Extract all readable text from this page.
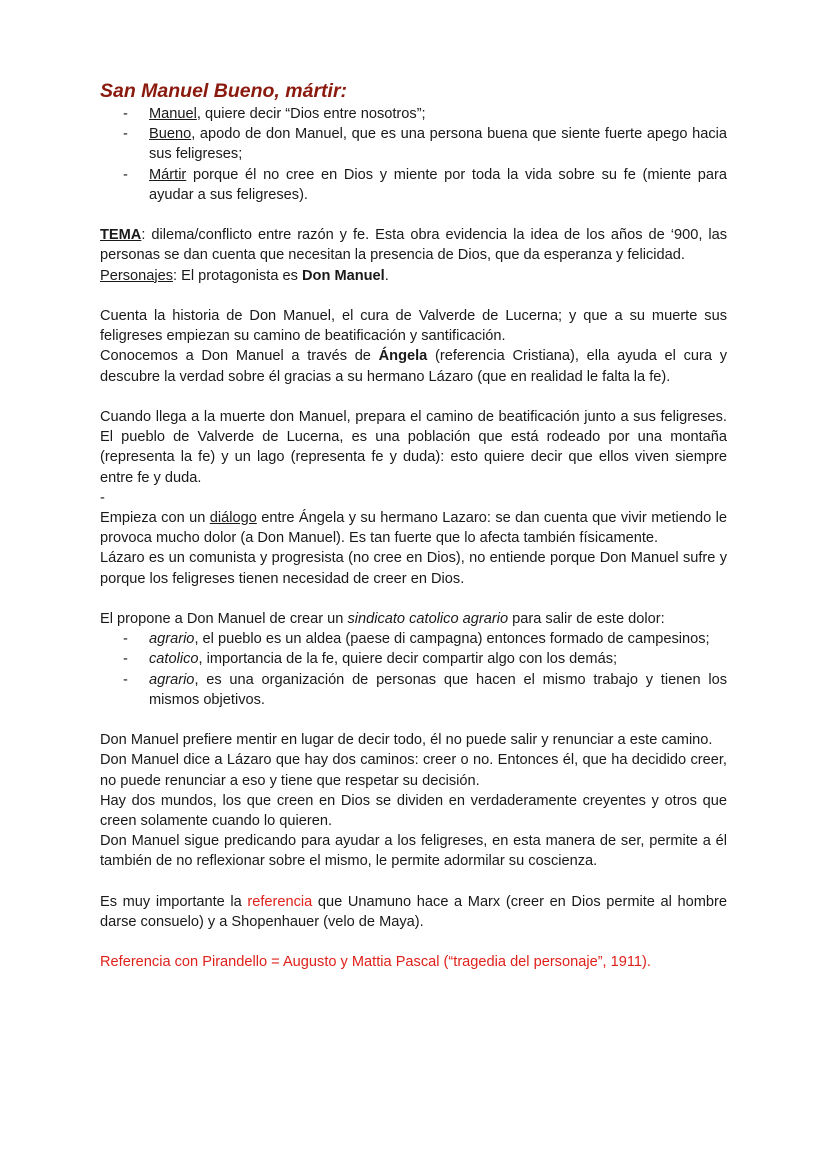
San Manuel Bueno, mártir:
- Manuel, quiere decir “Dios entre nosotros”;
- Bueno, apodo de don Manuel, que es una persona buena que siente fuerte apego hacia sus feligreses;
- Mártir porque él no cree en Dios y miente por toda la vida sobre su fe (miente para ayudar a sus feligreses).

TEMA: dilema/conflicto entre razón y fe. Esta obra evidencia la idea de los años de ‘900, las personas se dan cuenta que necesitan la presencia de Dios, que da esperanza y felicidad.

Personajes: El protagonista es Don Manuel.

Cuenta la historia de Don Manuel, el cura de Valverde de Lucerna; y que a su muerte sus feligreses empiezan su camino de beatificación y santificación.

Conocemos a Don Manuel a través de Ángela (referencia Cristiana), ella ayuda el cura y descubre la verdad sobre él gracias a su hermano Lázaro (que en realidad le falta la fe).

Cuando llega a la muerte don Manuel, prepara el camino de beatificación junto a sus feligreses. El pueblo de Valverde de Lucerna, es una población que está rodeado por una montaña (representa la fe) y un lago (representa fe y duda): esto quiere decir que ellos viven siempre entre fe y duda.

-

Empieza con un diálogo entre Ángela y su hermano Lazaro: se dan cuenta que vivir metiendo le provoca mucho dolor (a Don Manuel). Es tan fuerte que lo afecta también físicamente.

Lázaro es un comunista y progresista (no cree en Dios), no entiende porque Don Manuel sufre y porque los feligreses tienen necesidad de creer en Dios.

El propone a Don Manuel de crear un sindicato catolico agrario para salir de este dolor:

- agrario, el pueblo es un aldea (paese di campagna) entonces formado de campesinos;
- catolico, importancia de la fe, quiere decir compartir algo con los demás;
- agrario, es una organización de personas que hacen el mismo trabajo y tienen los mismos objetivos.

Don Manuel prefiere mentir en lugar de decir todo, él no puede salir y renunciar a este camino.

Don Manuel dice a Lázaro que hay dos caminos: creer o no. Entonces él, que ha decidido creer, no puede renunciar a eso y tiene que respetar su decisión.

Hay dos mundos, los que creen en Dios se dividen en verdaderamente creyentes y otros que creen solamente cuando lo quieren.

Don Manuel sigue predicando para ayudar a los feligreses, en esta manera de ser, permite a él también de no reflexionar sobre el mismo, le permite adormilar su coscienza.

Es muy importante la referencia que Unamuno hace a Marx (creer en Dios permite al hombre darse consuelo) y a Shopenhauer (velo de Maya).

Referencia con Pirandello = Augusto y Mattia Pascal (“tragedia del personaje”, 1911).
